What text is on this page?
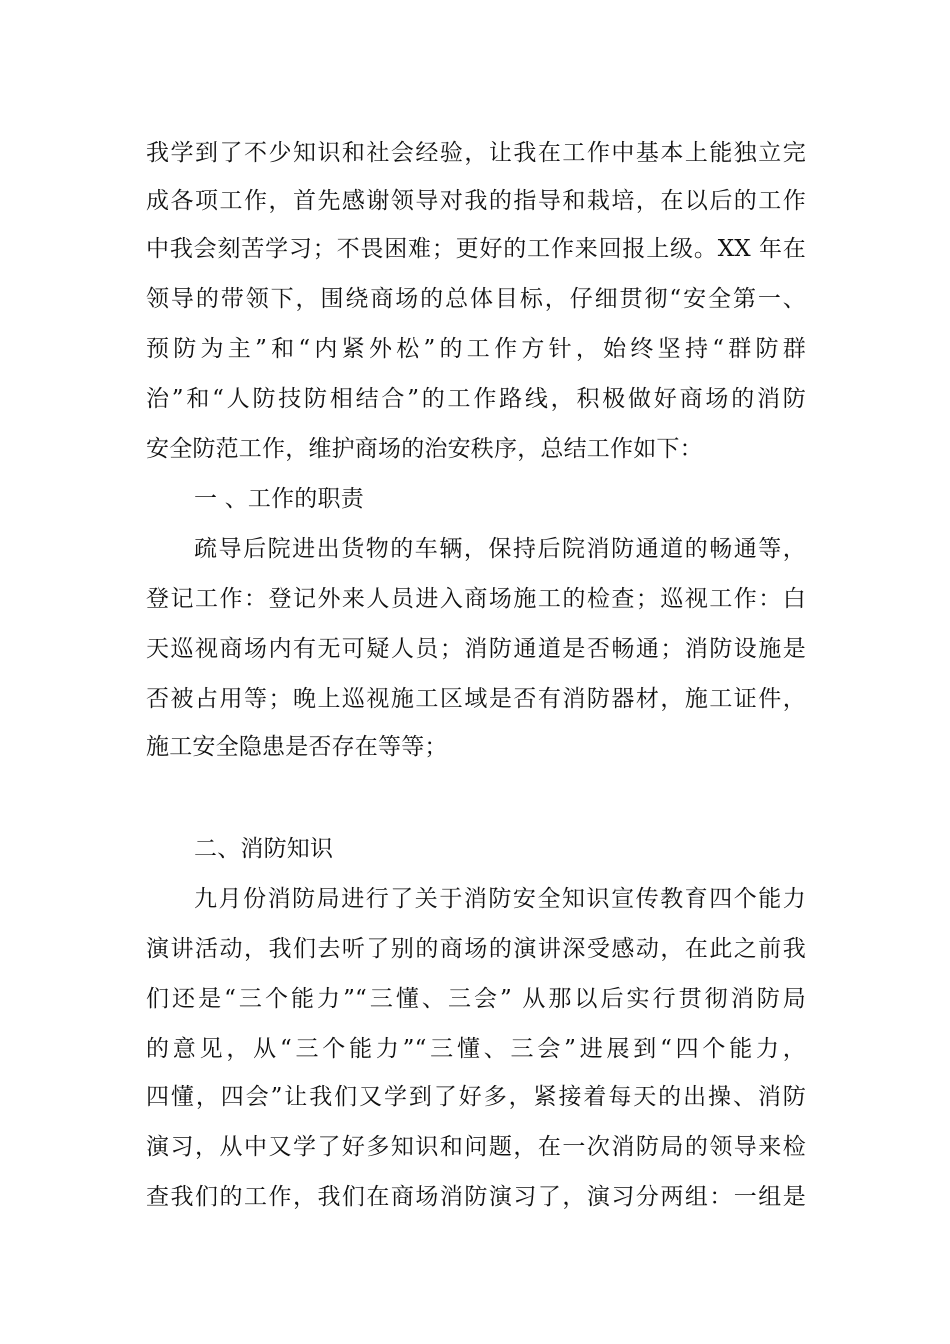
我学到了不少知识和社会经验，让我在工作中基本上能独立完
成各项工作，首先感谢领导对我的指导和栽培，在以后的工作
中我会刻苦学习；不畏困难；更好的工作来回报上级。XX 年在
领导的带领下，围绕商场的总体目标，仔细贯彻“安全第一、
预防为主”和“内紧外松”的工作方针，始终坚持“群防群
治”和“人防技防相结合”的工作路线，积极做好商场的消防
安全防范工作，维护商场的治安秩序，总结工作如下：
一 、工作的职责
疏导后院进出货物的车辆，保持后院消防通道的畅通等，
登记工作：登记外来人员进入商场施工的检查；巡视工作：白
天巡视商场内有无可疑人员；消防通道是否畅通；消防设施是
否被占用等；晚上巡视施工区域是否有消防器材，施工证件，
施工安全隐患是否存在等等；
二、消防知识
九月份消防局进行了关于消防安全知识宣传教育四个能力
演讲活动，我们去听了别的商场的演讲深受感动，在此之前我
们还是“三个能力”“三懂、三会” 从那以后实行贯彻消防局
的意见，从“三个能力”“三懂、三会”进展到“四个能力，
四懂，四会”让我们又学到了好多，紧接着每天的出操、消防
演习，从中又学了好多知识和问题，在一次消防局的领导来检
查我们的工作，我们在商场消防演习了，演习分两组：一组是
